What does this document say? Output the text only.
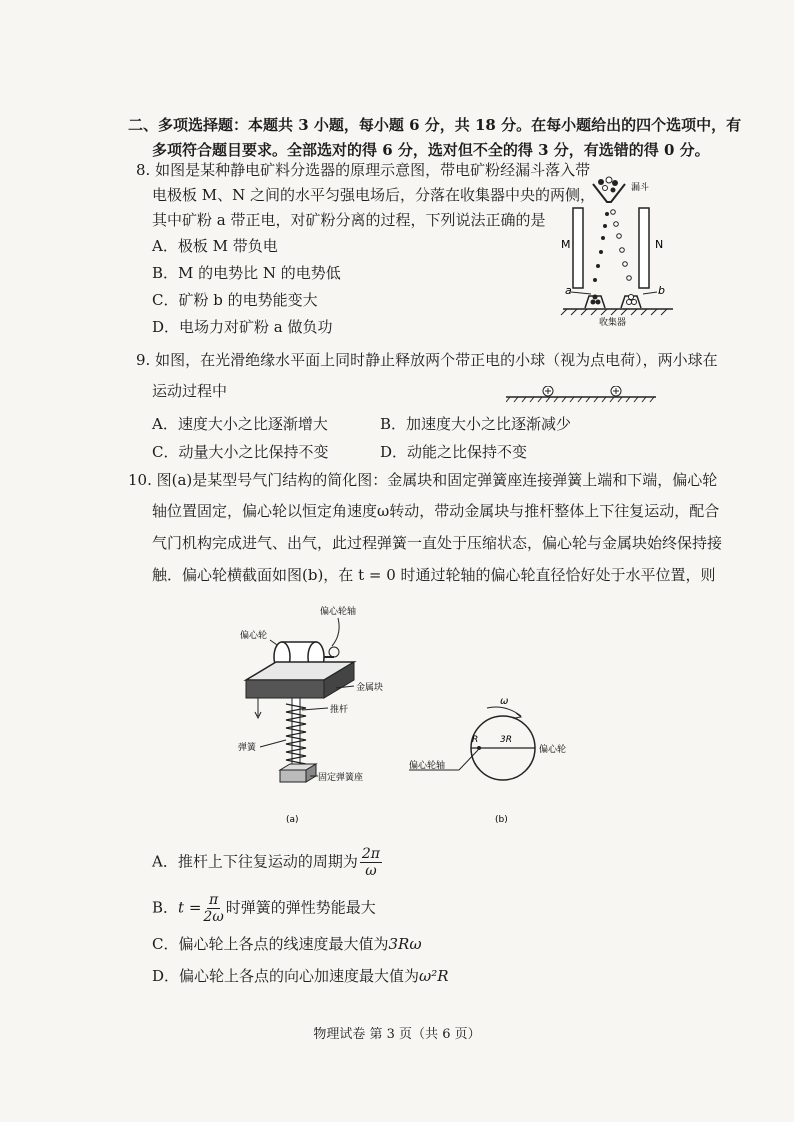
二、多项选择题：本题共 3 小题，每小题 6 分，共 18 分。在每小题给出的四个选项中，有
多项符合题目要求。全部选对的得 6 分，选对但不全的得 3 分，有选错的得 0 分。
8. 如图是某种静电矿料分选器的原理示意图，带电矿粉经漏斗落入带
电极板 M、N 之间的水平匀强电场后，分落在收集器中央的两侧，
其中矿粉 a 带正电，对矿粉分离的过程，下列说法正确的是
A．极板 M 带负电
B．M 的电势比 N 的电势低
C．矿粉 b 的电势能变大
D．电场力对矿粉 a 做负功
漏斗
M	N
a	b
收集器
9. 如图，在光滑绝缘水平面上同时静止释放两个带正电的小球（视为点电荷），两小球在
运动过程中
A．速度大小之比逐渐增大	B．加速度大小之比逐渐减少
C．动量大小之比保持不变	D．动能之比保持不变
10. 图(a)是某型号气门结构的简化图：金属块和固定弹簧座连接弹簧上端和下端，偏心轮
轴位置固定，偏心轮以恒定角速度ω转动，带动金属块与推杆整体上下往复运动，配合
气门机构完成进气、出气，此过程弹簧一直处于压缩状态，偏心轮与金属块始终保持接
触．偏心轮横截面如图(b)，在 t = 0 时通过轮轴的偏心轮直径恰好处于水平位置，则
偏心轮轴
偏心轮
金属块
推杆
弹簧
固定弹簧座
(a)
ω
R 3R
偏心轮轴
偏心轮
(b)
A．推杆上下往复运动的周期为 $\frac{2\pi}{\omega}$
B．$t = \frac{\pi}{2\omega}$ 时弹簧的弹性势能最大
C．偏心轮上各点的线速度最大值为3Rω
D．偏心轮上各点的向心加速度最大值为ω²R
物理试卷 第 3 页（共 6 页）
